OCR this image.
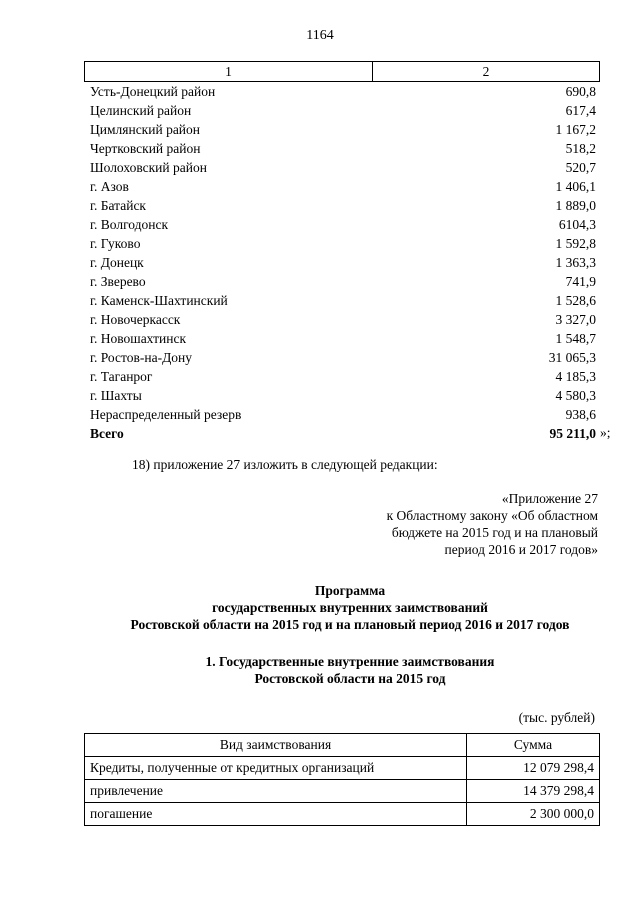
1164
1	2
Усть-Донецкий район	690,8
Целинский район	617,4
Цимлянский район	1 167,2
Чертковский район	518,2
Шолоховский район	520,7
г. Азов	1 406,1
г. Батайск	1 889,0
г. Волгодонск	6104,3
г. Гуково	1 592,8
г. Донецк	1 363,3
г. Зверево	741,9
г. Каменск-Шахтинский	1 528,6
г. Новочеркасск	3 327,0
г. Новошахтинск	1 548,7
г. Ростов-на-Дону	31 065,3
г. Таганрог	4 185,3
г. Шахты	4 580,3
Нераспределенный резерв	938,6
Всего	95 211,0 »;
18) приложение 27 изложить в следующей редакции:
«Приложение 27
к Областному закону «Об областном
бюджете на 2015 год и на плановый
период 2016 и 2017 годов»
Программа
государственных внутренних заимствований
Ростовской области на 2015 год и на плановый период 2016 и 2017 годов
1. Государственные внутренние заимствования
Ростовской области на 2015 год
(тыс. рублей)
Вид заимствования	Сумма
Кредиты, полученные от кредитных организаций	12 079 298,4
привлечение	14 379 298,4
погашение	2 300 000,0
